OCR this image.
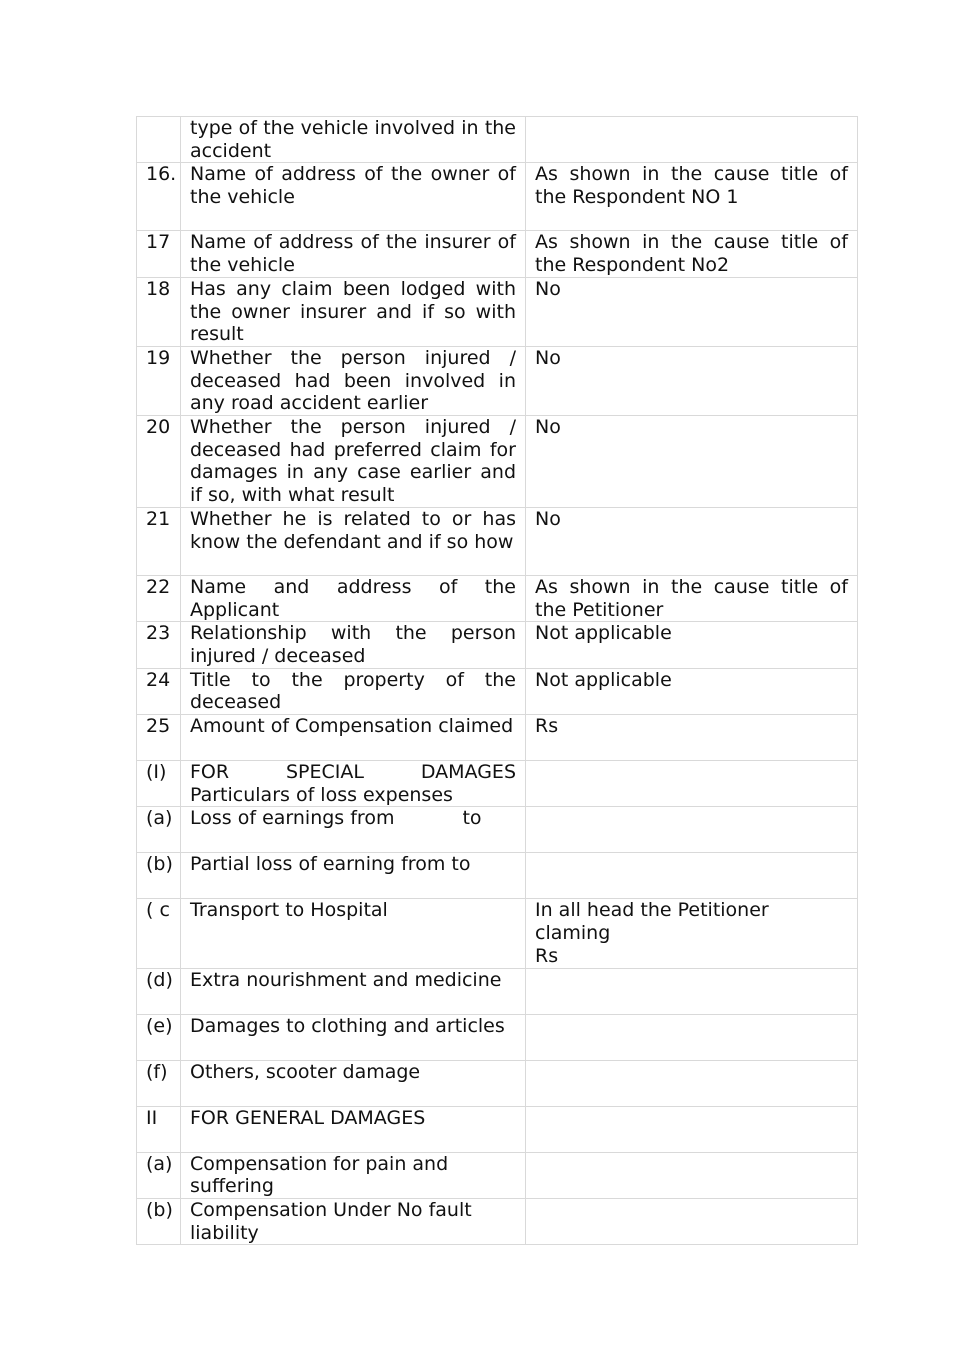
	type of the vehicle involved in the accident	
16.	Name of address of the owner of the vehicle	As shown in the cause title of the Respondent NO 1
17	Name of address of the insurer of the vehicle	As shown in the cause title of the Respondent No2
18	Has any claim been lodged with the owner insurer and if so with result	No
19	Whether the person injured / deceased had been involved in any road accident earlier	No
20	Whether the person injured / deceased had preferred claim for damages in any case earlier and if so, with what result	No
21	Whether he is related to or has know the defendant and if so how	No
22	Name and address of the Applicant	As shown in the cause title of the Petitioner
23	Relationship with the person injured / deceased	Not applicable
24	Title to the property of the deceased	Not applicable
25	Amount of Compensation claimed	Rs
(I)	FOR SPECIAL DAMAGES
Particulars of loss expenses	

(a)	Loss of earnings from to	
(b)	Partial loss of earning from to	
( c	Transport to Hospital	In all head the Petitioner claming
Rs
(d)	Extra nourishment and medicine	
(e)	Damages to clothing and articles	
(f)	Others, scooter damage	
II	FOR GENERAL DAMAGES	
(a)	Compensation for pain and suffering	
(b)	Compensation Under No fault liability	
